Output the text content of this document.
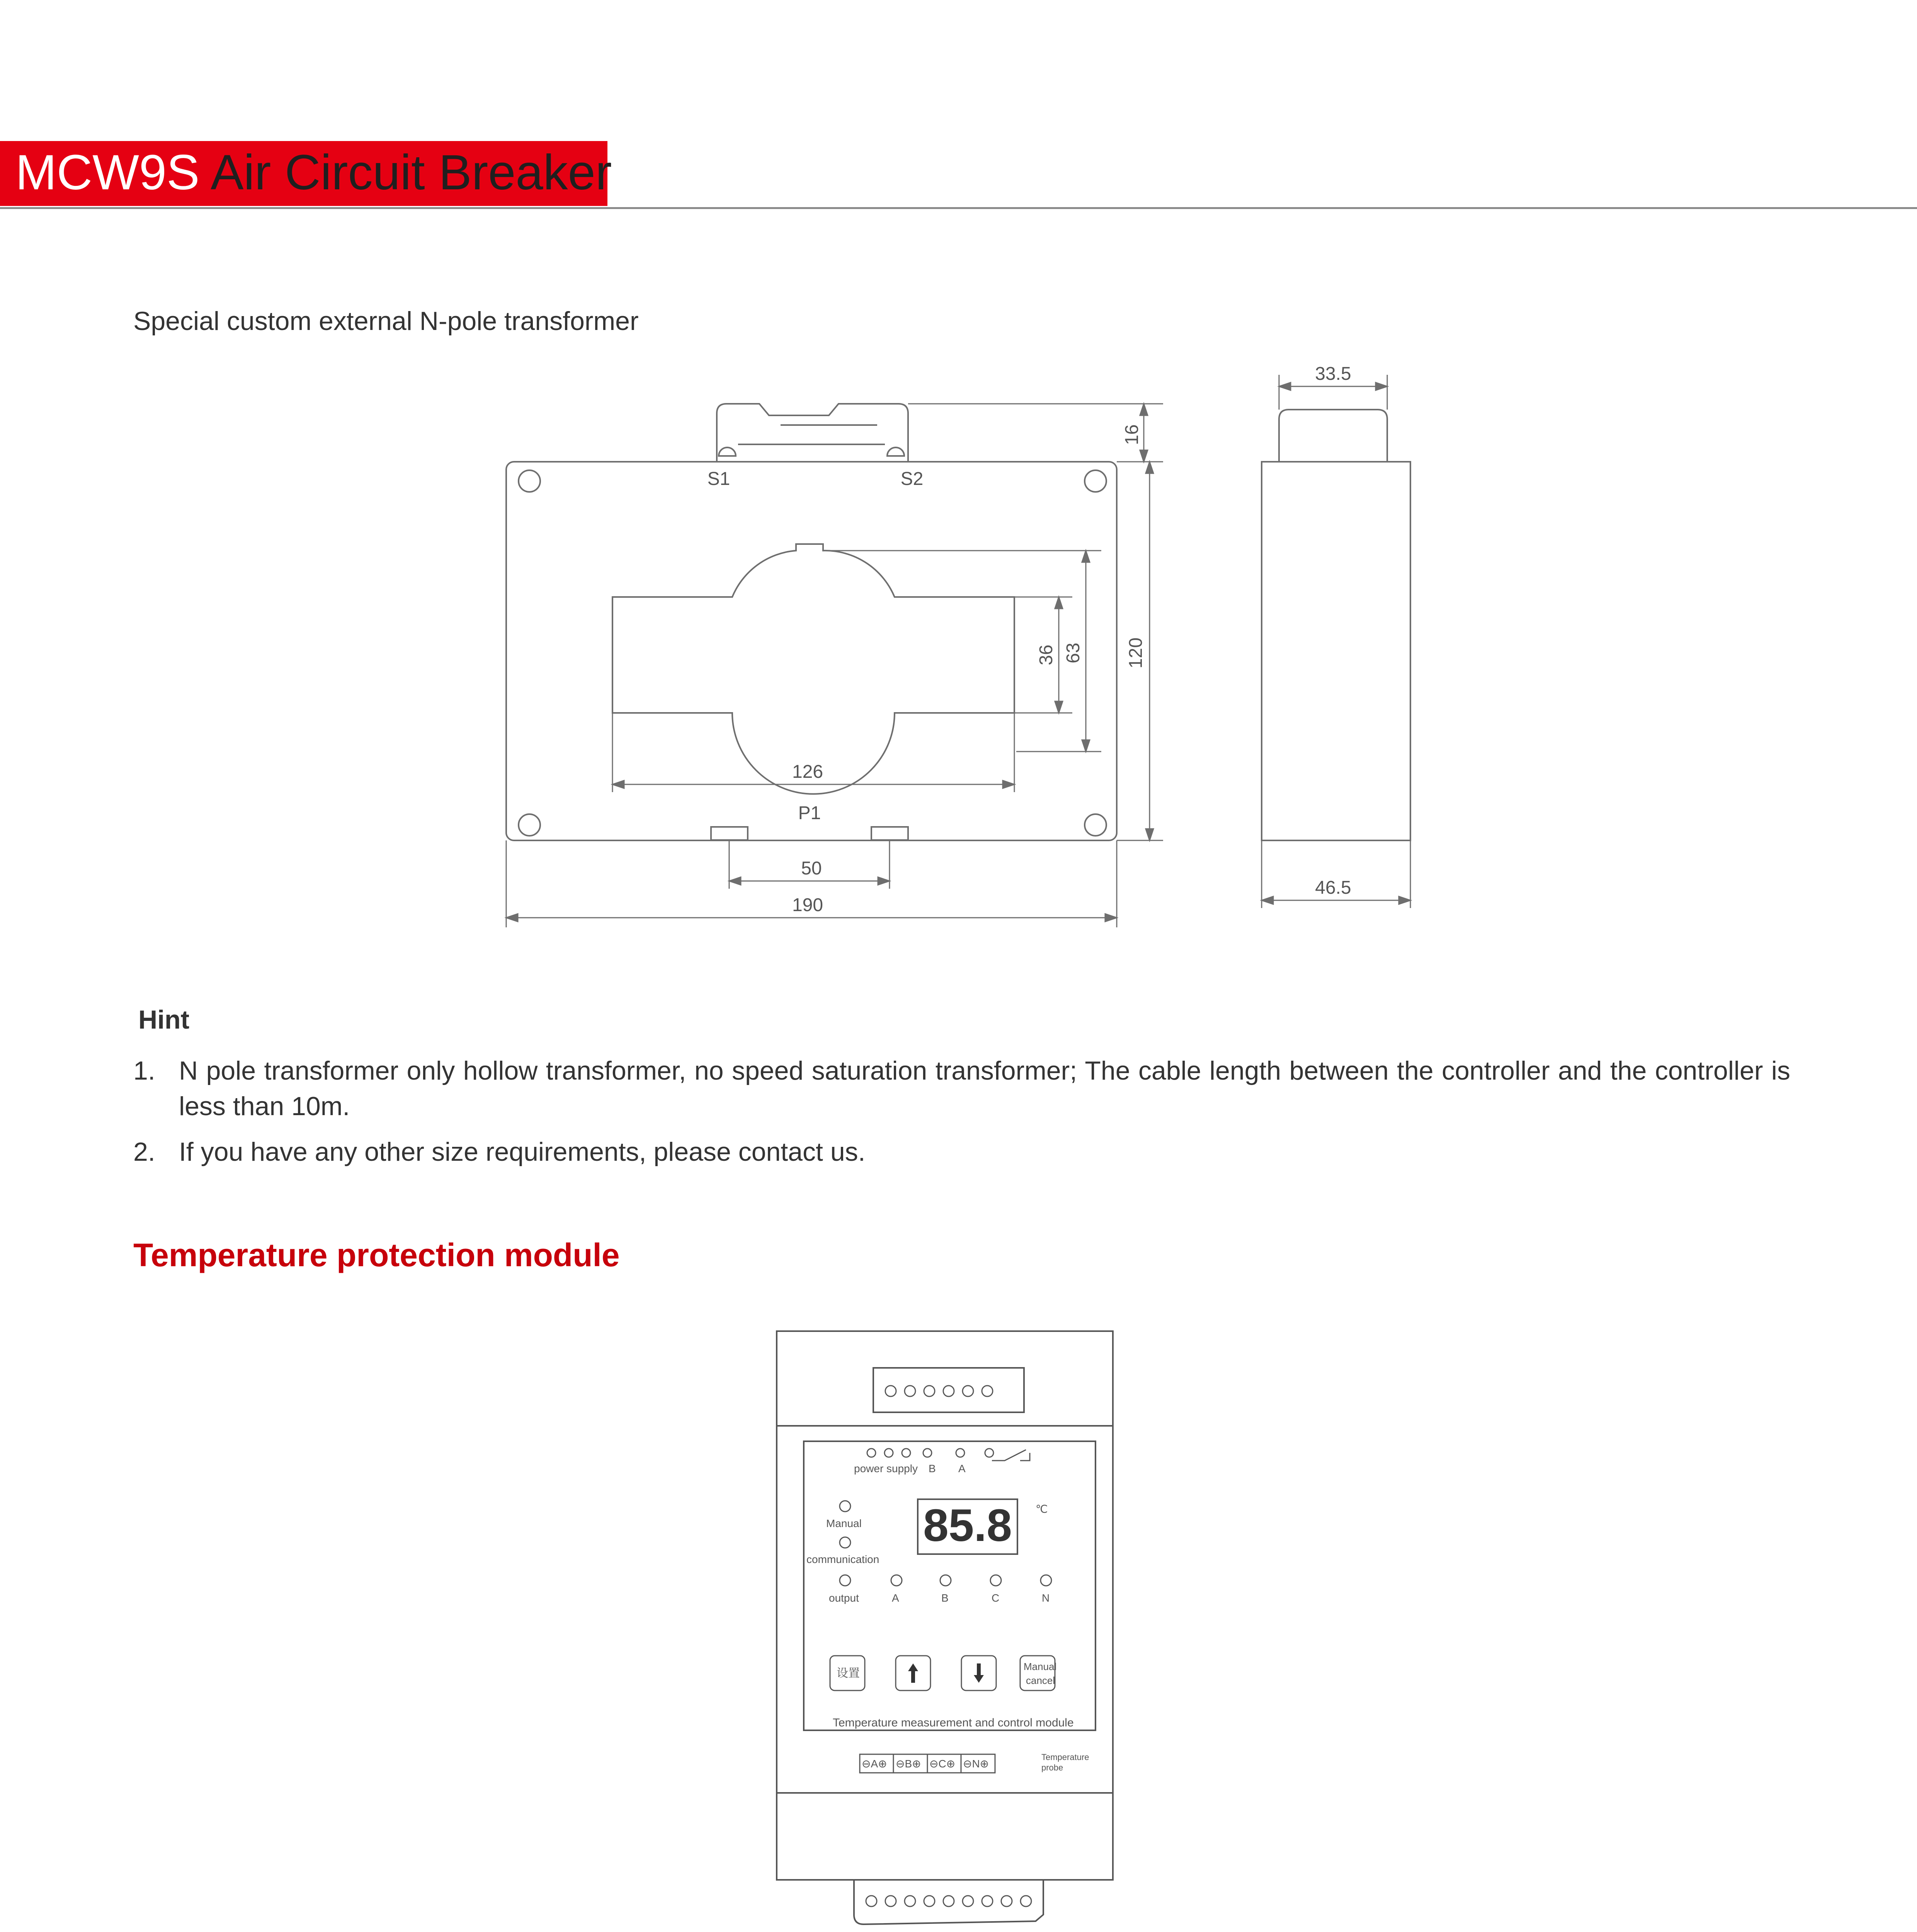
MCW9S Air Circuit Breaker
Special custom external N-pole transformer
S1	S2
P1
126
50
190
33.5
46.5
16
120
36 63
Hint
1. N pole transformer only hollow transformer, no speed saturation transformer; The cable length between the controller and the controller is less than 10m.
2. If you have any other size requirements, please contact us.
Temperature protection module
power supply B A
Manual
communication
output	A	B	C	N
℃
设置
Manual
cancel
Temperature measurement and control module
⊖A⊕ ⊖B⊕ ⊖C⊕ ⊖N⊕
Temperature
probe
85.8
